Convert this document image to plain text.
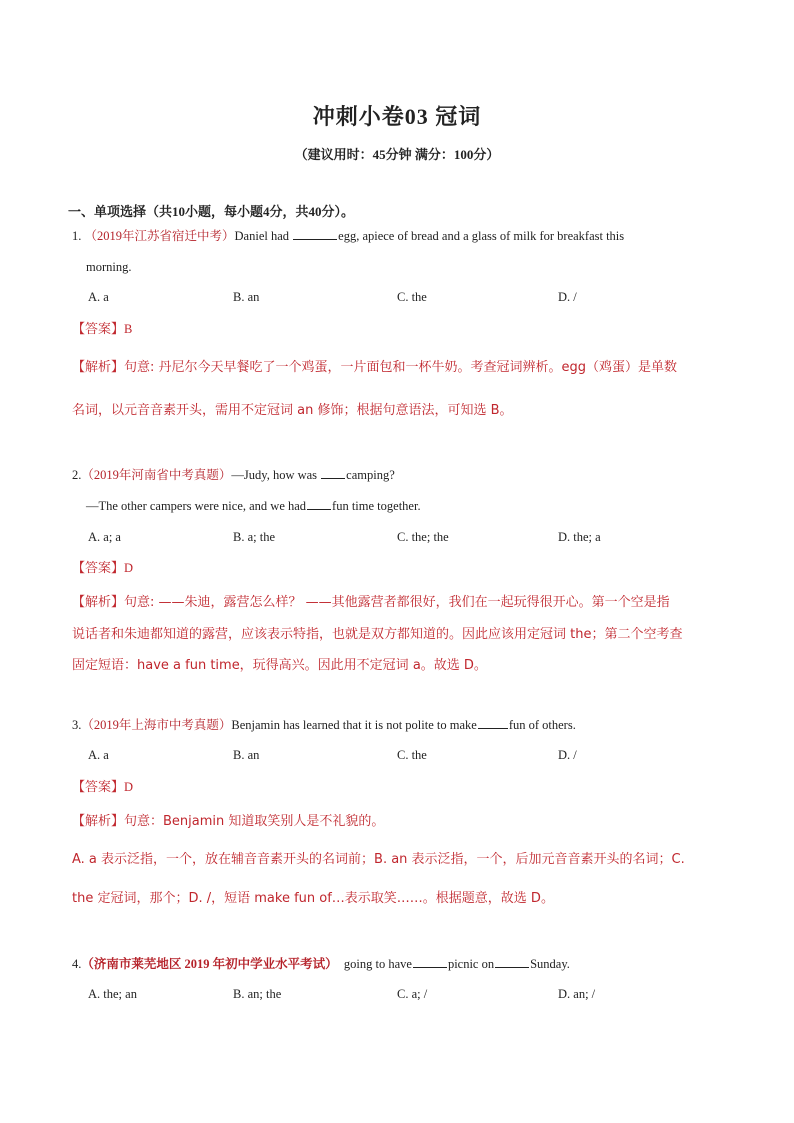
冲刺小卷03 冠词
（建议用时：45分钟 满分：100分）
一、单项选择（共10小题，每小题4分，共40分）。
1. （2019年江苏省宿迁中考）Daniel had	egg, apiece of bread and a glass of milk for breakfast this
morning.
A. a	B. an	C. the	D. /
【答案】B
【解析】句意: 丹尼尔今天早餐吃了一个鸡蛋，一片面包和一杯牛奶。考查冠词辨析。egg（鸡蛋）是单数
名词，以元音音素开头，需用不定冠词 an 修饰；根据句意语法，可知选 B。
2.（2019年河南省中考真题）—Judy, how was camping?
—The other campers were nice, and we had fun time together.
A. a; a	B. a; the	C. the; the	D. the; a
【答案】D
【解析】句意: ——朱迪，露营怎么样？ ——其他露营者都很好，我们在一起玩得很开心。第一个空是指
说话者和朱迪都知道的露营，应该表示特指，也就是双方都知道的。因此应该用定冠词 the；第二个空考查
固定短语：have a fun time，玩得高兴。因此用不定冠词 a。故选 D。
3.（2019年上海市中考真题）Benjamin has learned that it is not polite to make	fun of others.
A. a	B. an	C. the	D. /
【答案】D
【解析】句意：Benjamin 知道取笑别人是不礼貌的。
A. a 表示泛指，一个，放在辅音音素开头的名词前；B. an 表示泛指，一个，后加元音音素开头的名词；C.
the 定冠词，那个；D. /，短语 make fun of…表示取笑……。根据题意，故选 D。
4.（济南市莱芜地区 2019 年初中学业水平考试） going to have	picnic on	Sunday.
A. the; an	B. an; the	C. a; /	D. an; /
